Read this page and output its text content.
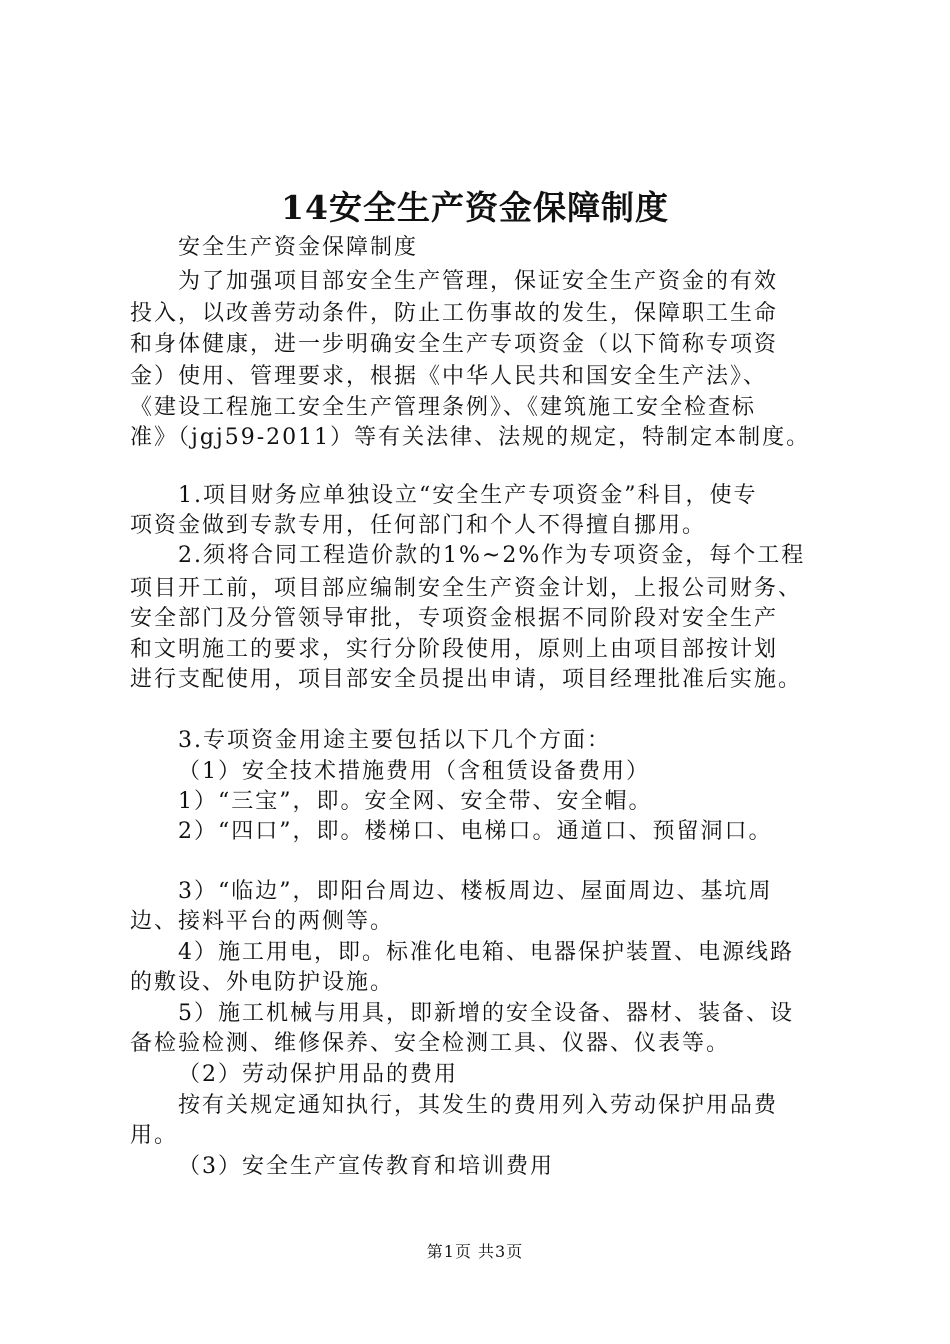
14安全生产资金保障制度
安全生产资金保障制度
为了加强项目部安全生产管理，保证安全生产资金的有效
投入，以改善劳动条件，防止工伤事故的发生，保障职工生命
和身体健康，进一步明确安全生产专项资金（以下简称专项资
金）使用、管理要求，根据《中华人民共和国安全生产法》、
《建设工程施工安全生产管理条例》、《建筑施工安全检查标
准》（jgj59-2011）等有关法律、法规的规定，特制定本制度。
1.项目财务应单独设立“安全生产专项资金”科目，使专
项资金做到专款专用，任何部门和个人不得擅自挪用。
2.须将合同工程造价款的1%~2%作为专项资金，每个工程
项目开工前，项目部应编制安全生产资金计划，上报公司财务、
安全部门及分管领导审批，专项资金根据不同阶段对安全生产
和文明施工的要求，实行分阶段使用，原则上由项目部按计划
进行支配使用，项目部安全员提出申请，项目经理批准后实施。
3.专项资金用途主要包括以下几个方面：
（1）安全技术措施费用（含租赁设备费用）
1）“三宝”，即。安全网、安全带、安全帽。
2）“四口”，即。楼梯口、电梯口。通道口、预留洞口。
3）“临边”，即阳台周边、楼板周边、屋面周边、基坑周
边、接料平台的两侧等。
4）施工用电，即。标准化电箱、电器保护装置、电源线路
的敷设、外电防护设施。
5）施工机械与用具，即新增的安全设备、器材、装备、设
备检验检测、维修保养、安全检测工具、仪器、仪表等。
（2）劳动保护用品的费用
按有关规定通知执行，其发生的费用列入劳动保护用品费
用。
（3）安全生产宣传教育和培训费用
第1页 共3页
